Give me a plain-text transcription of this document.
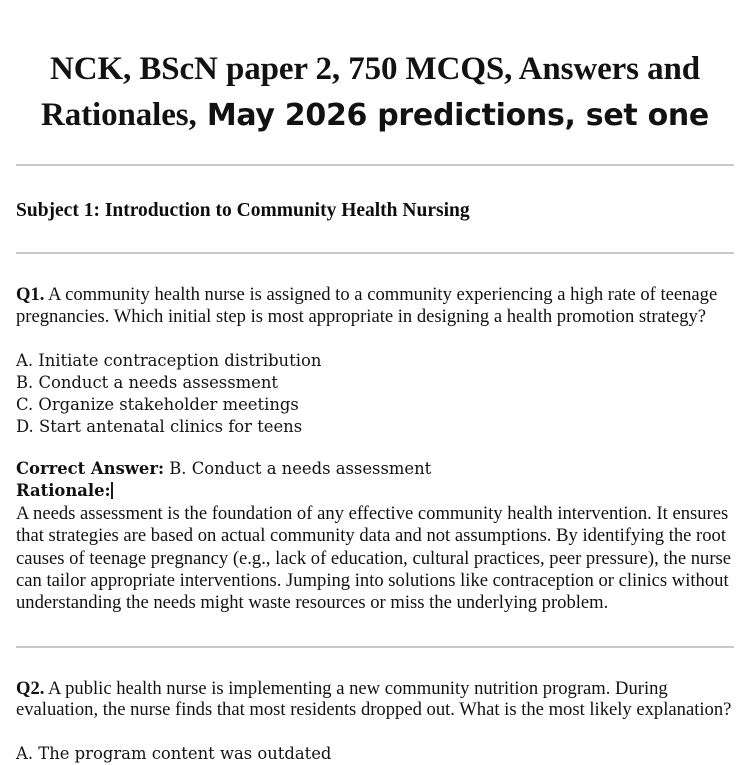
NCK, BScN paper 2, 750 MCQS, Answers and
Rationales, May 2026 predictions, set one
Subject 1: Introduction to Community Health Nursing

Q1. A community health nurse is assigned to a community experiencing a high rate of teenage pregnancies. Which initial step is most appropriate in designing a health promotion strategy?

A. Initiate contraception distribution
B. Conduct a needs assessment
C. Organize stakeholder meetings
D. Start antenatal clinics for teens

Correct Answer: B. Conduct a needs assessment

Rationale:

A needs assessment is the foundation of any effective community health intervention. It ensures that strategies are based on actual community data and not assumptions. By identifying the root causes of teenage pregnancy (e.g., lack of education, cultural practices, peer pressure), the nurse can tailor appropriate interventions. Jumping into solutions like contraception or clinics without understanding the needs might waste resources or miss the underlying problem.

Q2. A public health nurse is implementing a new community nutrition program. During evaluation, the nurse finds that most residents dropped out. What is the most likely explanation?

A. The program content was outdated
